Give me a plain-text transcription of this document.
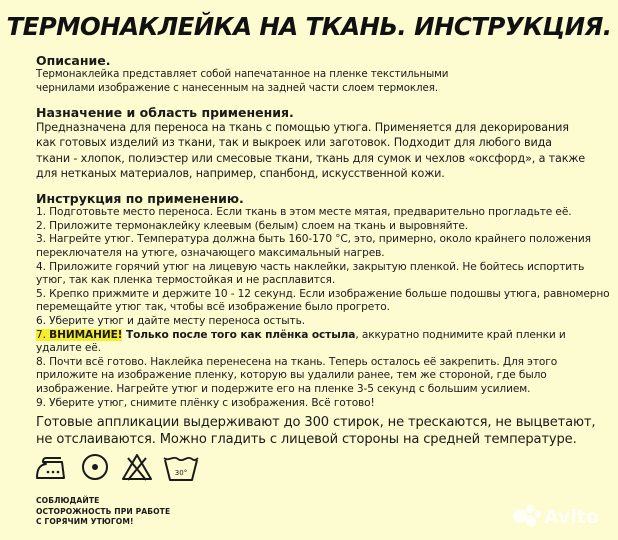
ТЕРМОНАКЛЕЙКА НА ТКАНЬ. ИНСТРУКЦИЯ.
Описание.
Термонаклейка представляет собой напечатанное на пленке текстильными
чернилами изображение с нанесенным на задней части слоем термоклея.
Назначение и область применения.
Предназначена для переноса на ткань с помощью утюга. Применяется для декорирования
как готовых изделий из ткани, так и выкроек или заготовок. Подходит для любого вида
ткани - хлопок, полиэстер или смесовые ткани, ткань для сумок и чехлов «оксфорд», а также
для нетканых материалов, например, спанбонд, искусственной кожи.
Инструкция по применению.
1. Подготовьте место переноса. Если ткань в этом месте мятая, предварительно прогладьте её.
2. Приложите термонаклейку клеевым (белым) слоем на ткань и выровняйте.
3. Нагрейте утюг. Температура должна быть 160-170 °С, это, примерно, около крайнего положения
переключателя на утюге, означающего максимальный нагрев.
4. Приложите горячий утюг на лицевую часть наклейки, закрытую пленкой. Не бойтесь испортить
утюг, так как пленка термостойкая и не расплавится.
5. Крепко прижмите и держите 10 - 12 секунд. Если изображение больше подошвы утюга, равномерно
перемещайте утюг так, чтобы всё изображение было прогрето.
6. Уберите утюг и дайте месту переноса остыть.
7. ВНИМАНИЕ! Только после того как плёнка остыла, аккуратно поднимите край пленки и
удалите её.
8. Почти всё готово. Наклейка перенесена на ткань. Теперь осталось её закрепить. Для этого
приложите на изображение пленку, которую вы удалили ранее, тем же стороной, где было
изображение. Нагрейте утюг и подержите его на пленке 3-5 секунд с большим усилием.
9. Уберите утюг, снимите плёнку с изображения. Всё готово!
Готовые аппликации выдерживают до 300 стирок, не трескаются, не выцветают,
не отслаиваются. Можно гладить с лицевой стороны на средней температуре.
30°
СОБЛЮДАЙТЕ
ОСТОРОЖНОСТЬ ПРИ РАБОТЕ
С ГОРЯЧИМ УТЮГОМ!	Avito
